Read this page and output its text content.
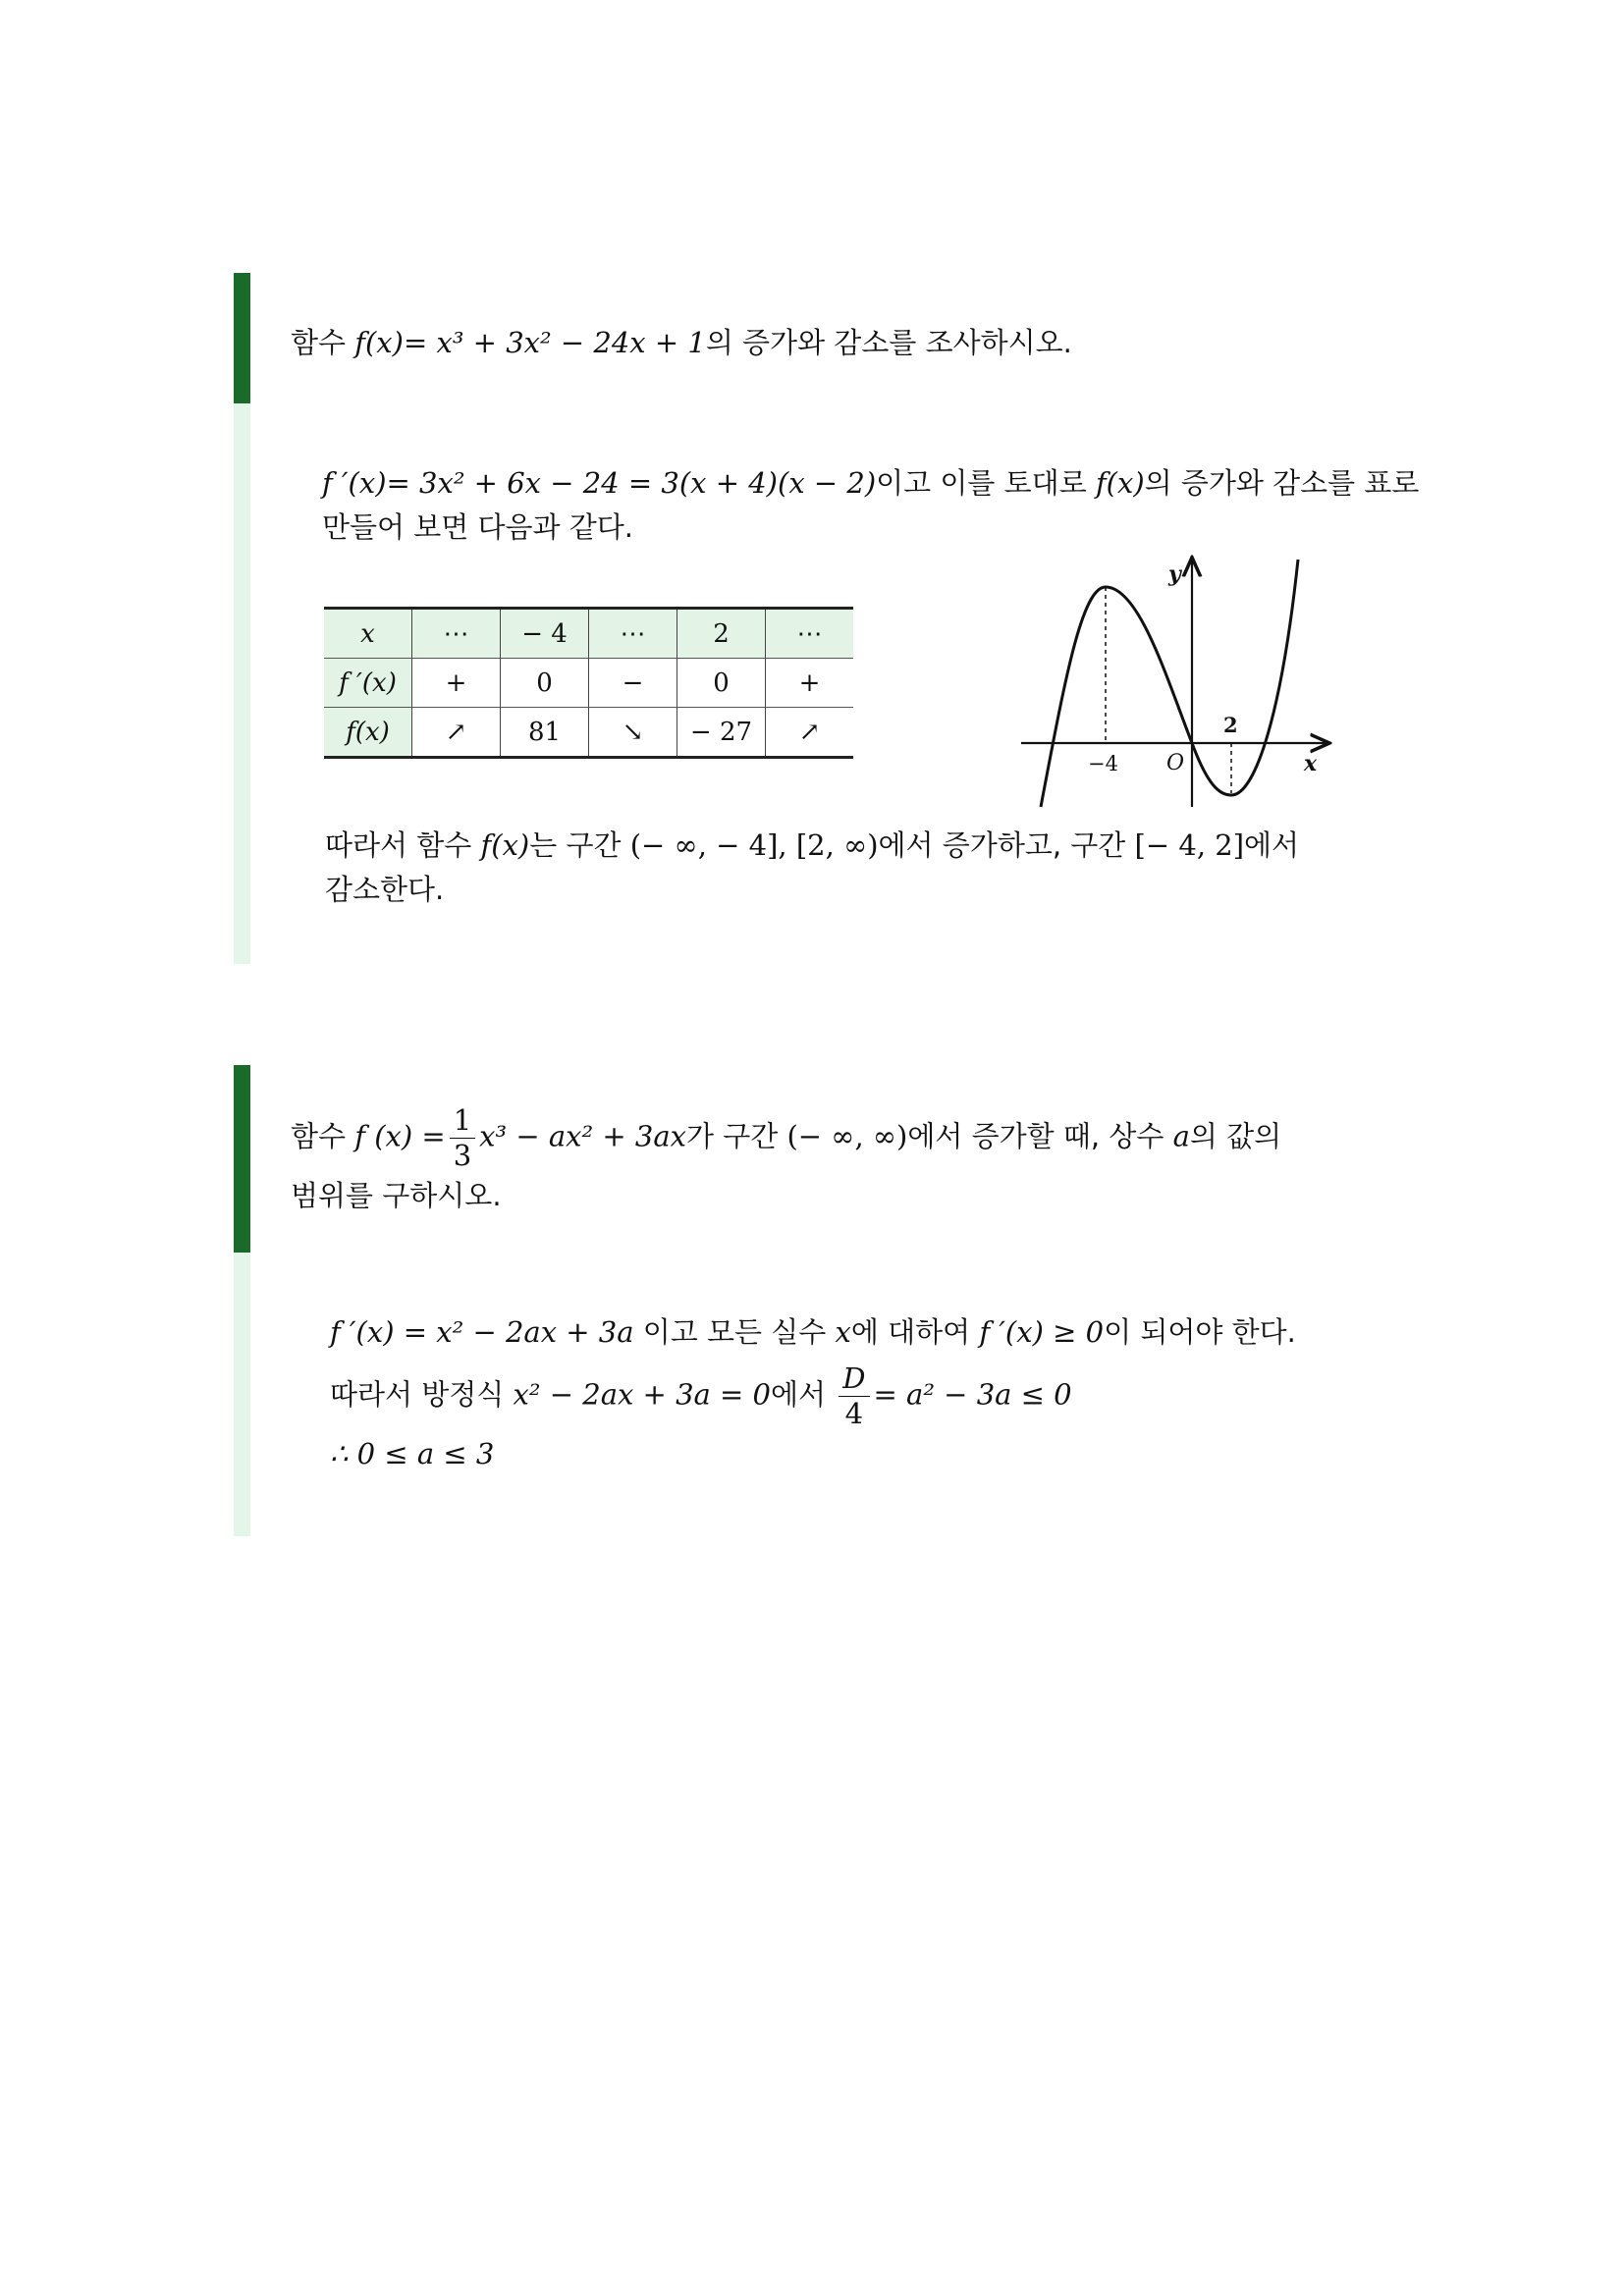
함수 f(x)= x³ + 3x² − 24x + 1의 증가와 감소를 조사하시오.
f ′(x)= 3x² + 6x − 24 = 3(x + 4)(x − 2)이고 이를 토대로 f(x)의 증가와 감소를 표로
만들어 보면 다음과 같다.
x	⋯	− 4	⋯	2	⋯
f ′(x)	+	0	−	0	+
f(x)	↗	81	↘	− 27	↗
y
x
O
−4
2
따라서 함수 f(x)는 구간 (− ∞, − 4], [2, ∞)에서 증가하고, 구간 [− 4, 2]에서
감소한다.
함수 f $(x) = \frac{1}{3} x^3 - ax^2 + 3ax$가 구간 (− ∞, ∞)에서 증가할 때, 상수 a의 값의
범위를 구하시오.
f ′(x) = x² − 2ax + 3a 이고 모든 실수 x에 대하여 f ′(x) ≥ 0이 되어야 한다.
따라서 방정식 x² − 2ax + 3a = 0에서 $\frac{D}{4} = a^2 - 3a \le 0$
∴ 0 ≤ a ≤ 3
